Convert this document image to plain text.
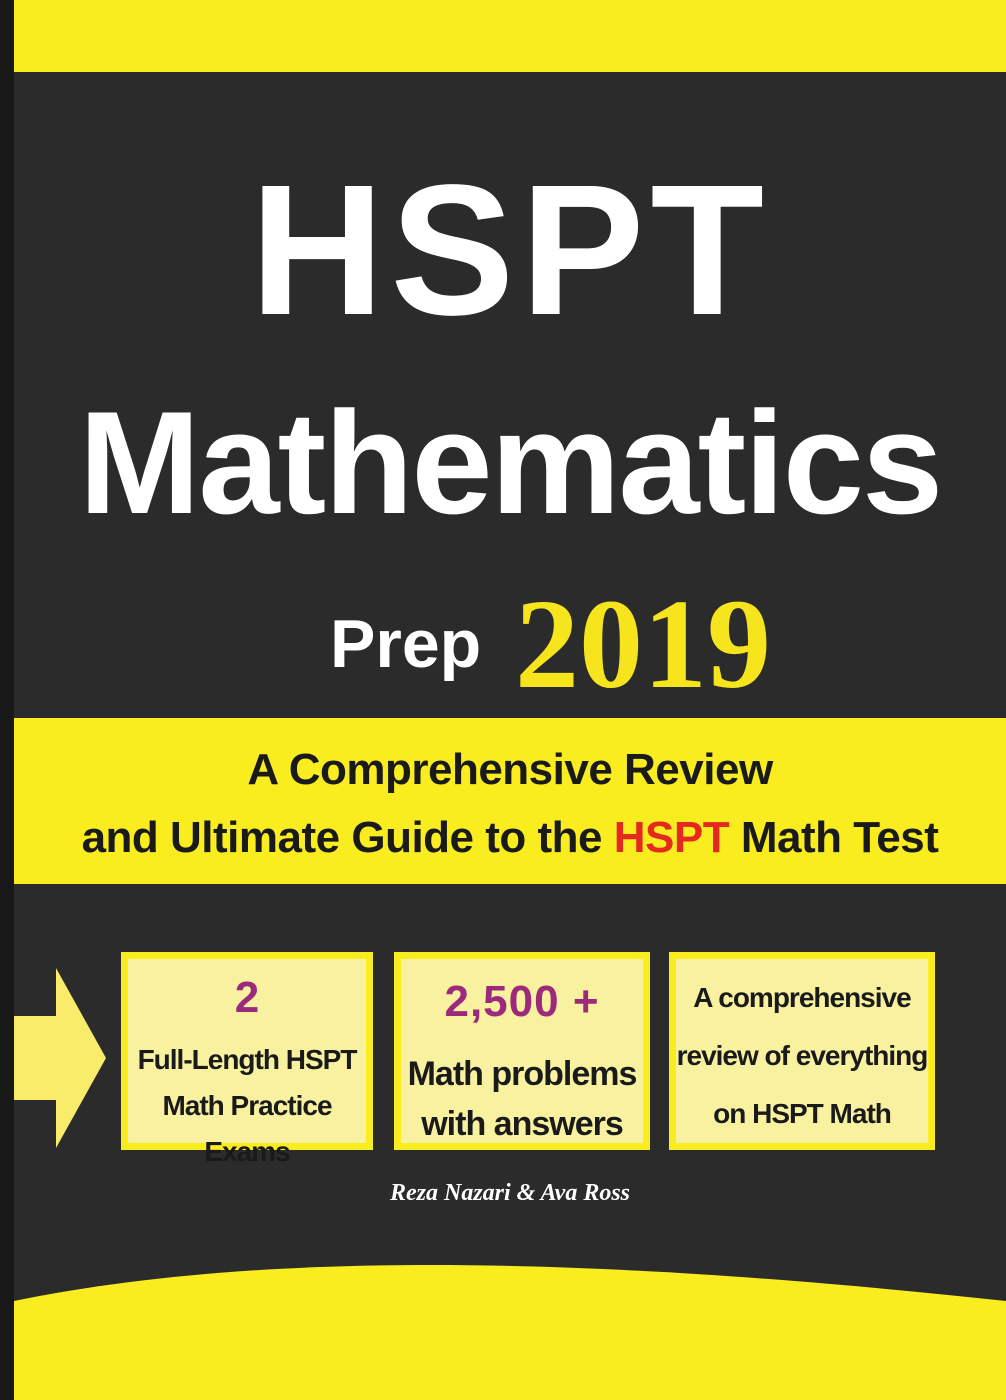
HSPT
Mathematics
Prep 2019
A Comprehensive Review
and Ultimate Guide to the HSPT Math Test
2
Full-Length HSPT
Math Practice Exams
2,500 +
Math problems
with answers
A comprehensive
review of everything
on HSPT Math
Reza Nazari & Ava Ross
